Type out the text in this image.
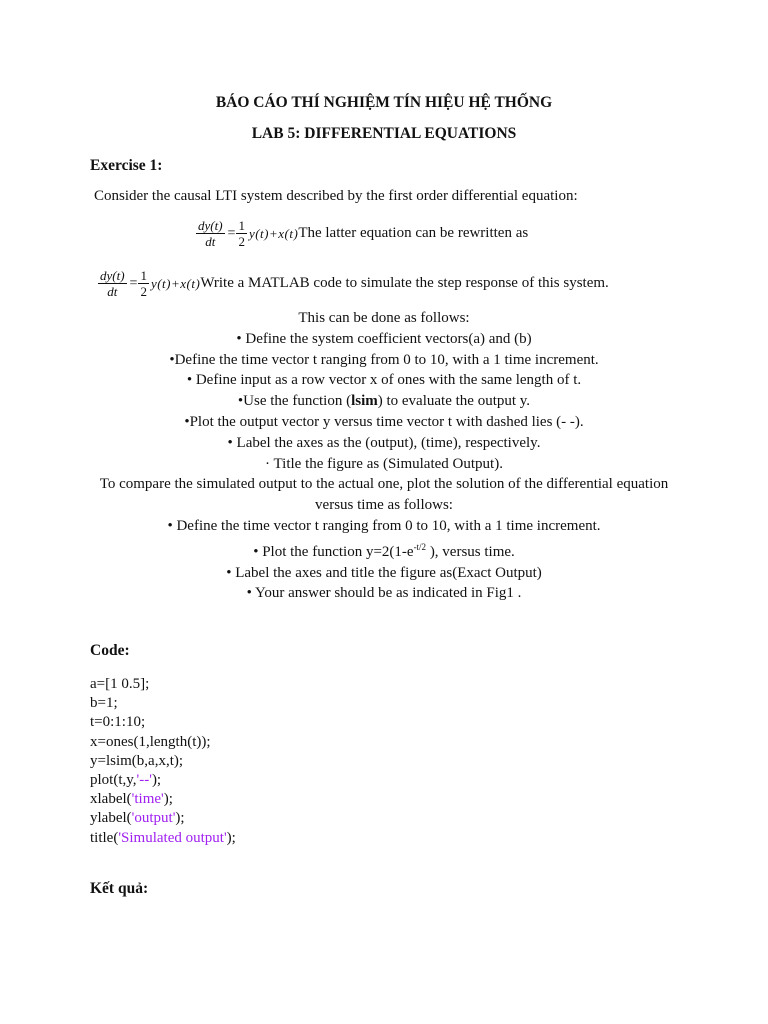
BÁO CÁO THÍ NGHIỆM TÍN HIỆU HỆ THỐNG
LAB 5: DIFFERENTIAL EQUATIONS
Exercise 1:
Consider the causal LTI system described by the first order differential equation:
$\frac{dy(t)}{dt} = \frac{1}{2} y(t)+x(t)$ The latter equation can be rewritten as
$\frac{dy(t)}{dt} = \frac{1}{2} y(t)+x(t)$ Write a MATLAB code to simulate the step response of this system.
This can be done as follows:
• Define the system coefficient vectors(a) and (b)
•Define the time vector t ranging from 0 to 10, with a 1 time increment.
• Define input as a row vector x of ones with the same length of t.
•Use the function (lsim) to evaluate the output y.
•Plot the output vector y versus time vector t with dashed lies (- -).
• Label the axes as the (output), (time), respectively.
· Title the figure as (Simulated Output).
To compare the simulated output to the actual one, plot the solution of the differential equation versus time as follows:
• Define the time vector t ranging from 0 to 10, with a 1 time increment.
• Plot the function $y=2(1-e^{-t/2}$ ), versus time.
• Label the axes and title the figure as(Exact Output)
• Your answer should be as indicated in Fig1 .
Code:
a=[1 0.5];
b=1;
t=0:1:10;
x=ones(1,length(t));
y=lsim(b,a,x,t);
plot(t,y,'--');
xlabel('time');
ylabel('output');
title('Simulated output');
Kết quả:
